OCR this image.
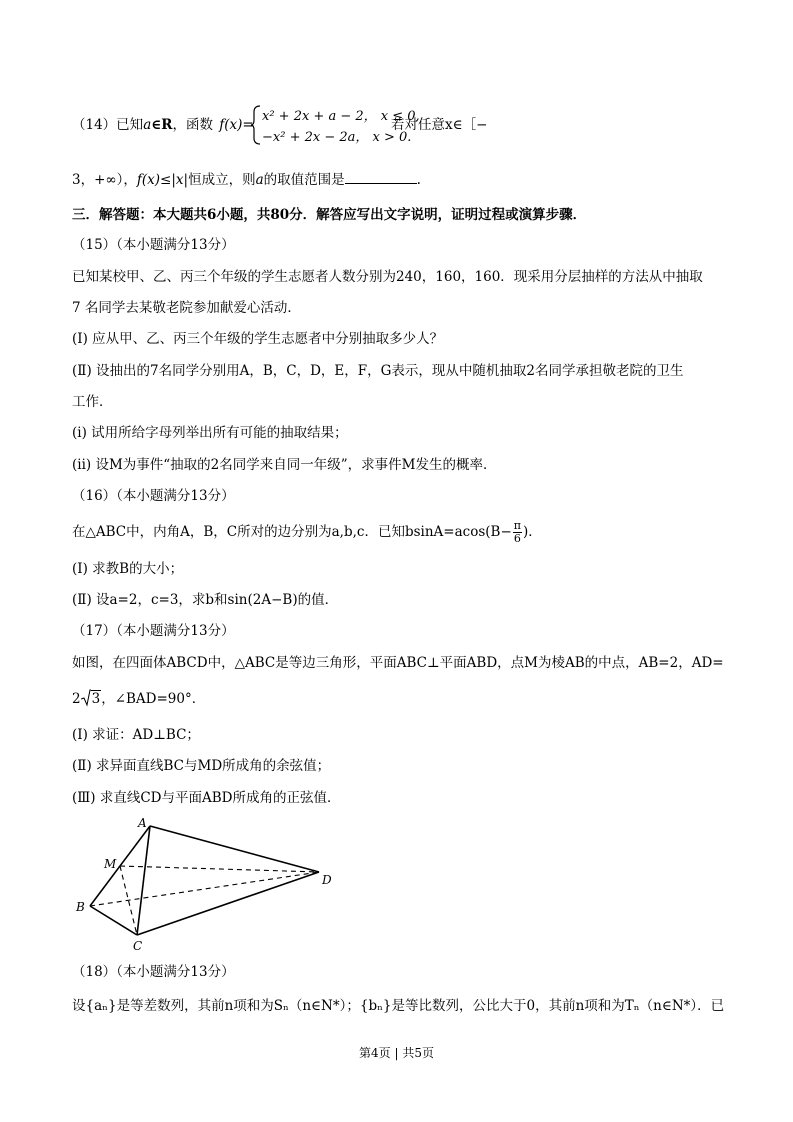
（14）已知a∈R，函数 f(x)=
x² + 2x + a − 2， x ≤ 0,
−x² + 2x − 2a， x > 0.
若对任意x∈［−
3，+∞），f(x)≤|x|恒成立，则a的取值范围是	.
三．解答题：本大题共6小题，共80分．解答应写出文字说明，证明过程或演算步骤．
（15）（本小题满分13分）
已知某校甲、乙、丙三个年级的学生志愿者人数分别为240，160，160．现采用分层抽样的方法从中抽取
7 名同学去某敬老院参加献爱心活动．
(Ⅰ) 应从甲、乙、丙三个年级的学生志愿者中分别抽取多少人？
(Ⅱ) 设抽出的7名同学分别用A，B，C，D，E，F，G表示，现从中随机抽取2名同学承担敬老院的卫生
工作．
(i) 试用所给字母列举出所有可能的抽取结果；
(ii) 设M为事件“抽取的2名同学来自同一年级”，求事件M发生的概率．
（16）（本小题满分13分）
在△ABC中，内角A，B，C所对的边分别为a,b,c．已知$bsinA=acos(B- \frac{\pi}{6}$ )．
(Ⅰ) 求教B的大小；
(Ⅱ) 设a=2，c=3，求b和sin(2A−B)的值．
（17）（本小题满分13分）
如图，在四面体ABCD中，△ABC是等边三角形，平面ABC⊥平面ABD，点M为棱AB的中点，AB=2，AD=
2 3，∠BAD=90°．
(Ⅰ) 求证：AD⊥BC；
(Ⅱ) 求异面直线BC与MD所成角的余弦值；
(Ⅲ) 求直线CD与平面ABD所成角的正弦值．
A
M
B
C
D
（18）（本小题满分13分）
设{aₙ}是等差数列，其前n项和为Sₙ（n∈N*）；{bₙ}是等比数列，公比大于0，其前n项和为Tₙ（n∈N*）．已
第4页 | 共5页
